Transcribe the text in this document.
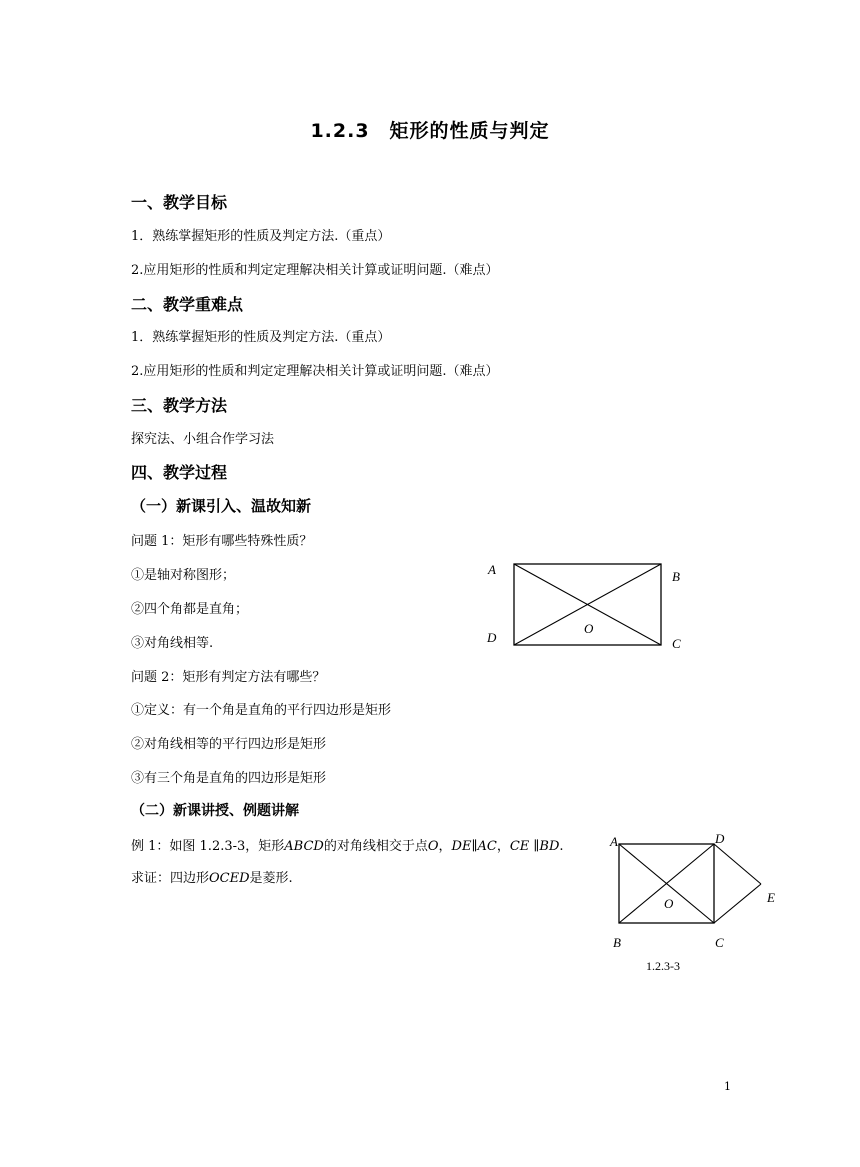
1.2.3　矩形的性质与判定
一、教学目标
1．熟练掌握矩形的性质及判定方法.（重点）
2.应用矩形的性质和判定定理解决相关计算或证明问题.（难点）
二、教学重难点
1．熟练掌握矩形的性质及判定方法.（重点）
2.应用矩形的性质和判定定理解决相关计算或证明问题.（难点）
三、教学方法
探究法、小组合作学习法
四、教学过程
（一）新课引入、温故知新
问题 1：矩形有哪些特殊性质？
①是轴对称图形；
②四个角都是直角；
③对角线相等.
问题 2：矩形有判定方法有哪些？
①定义：有一个角是直角的平行四边形是矩形
②对角线相等的平行四边形是矩形
③有三个角是直角的四边形是矩形
（二）新课讲授、例题讲解
例 1：如图 1.2.3-3，矩形ABCD的对角线相交于点O，DE∥AC，CE ∥BD.
求证：四边形OCED是菱形.
A	B
C
D
O
A	D
E
O
B	C
1.2.3-3
1
